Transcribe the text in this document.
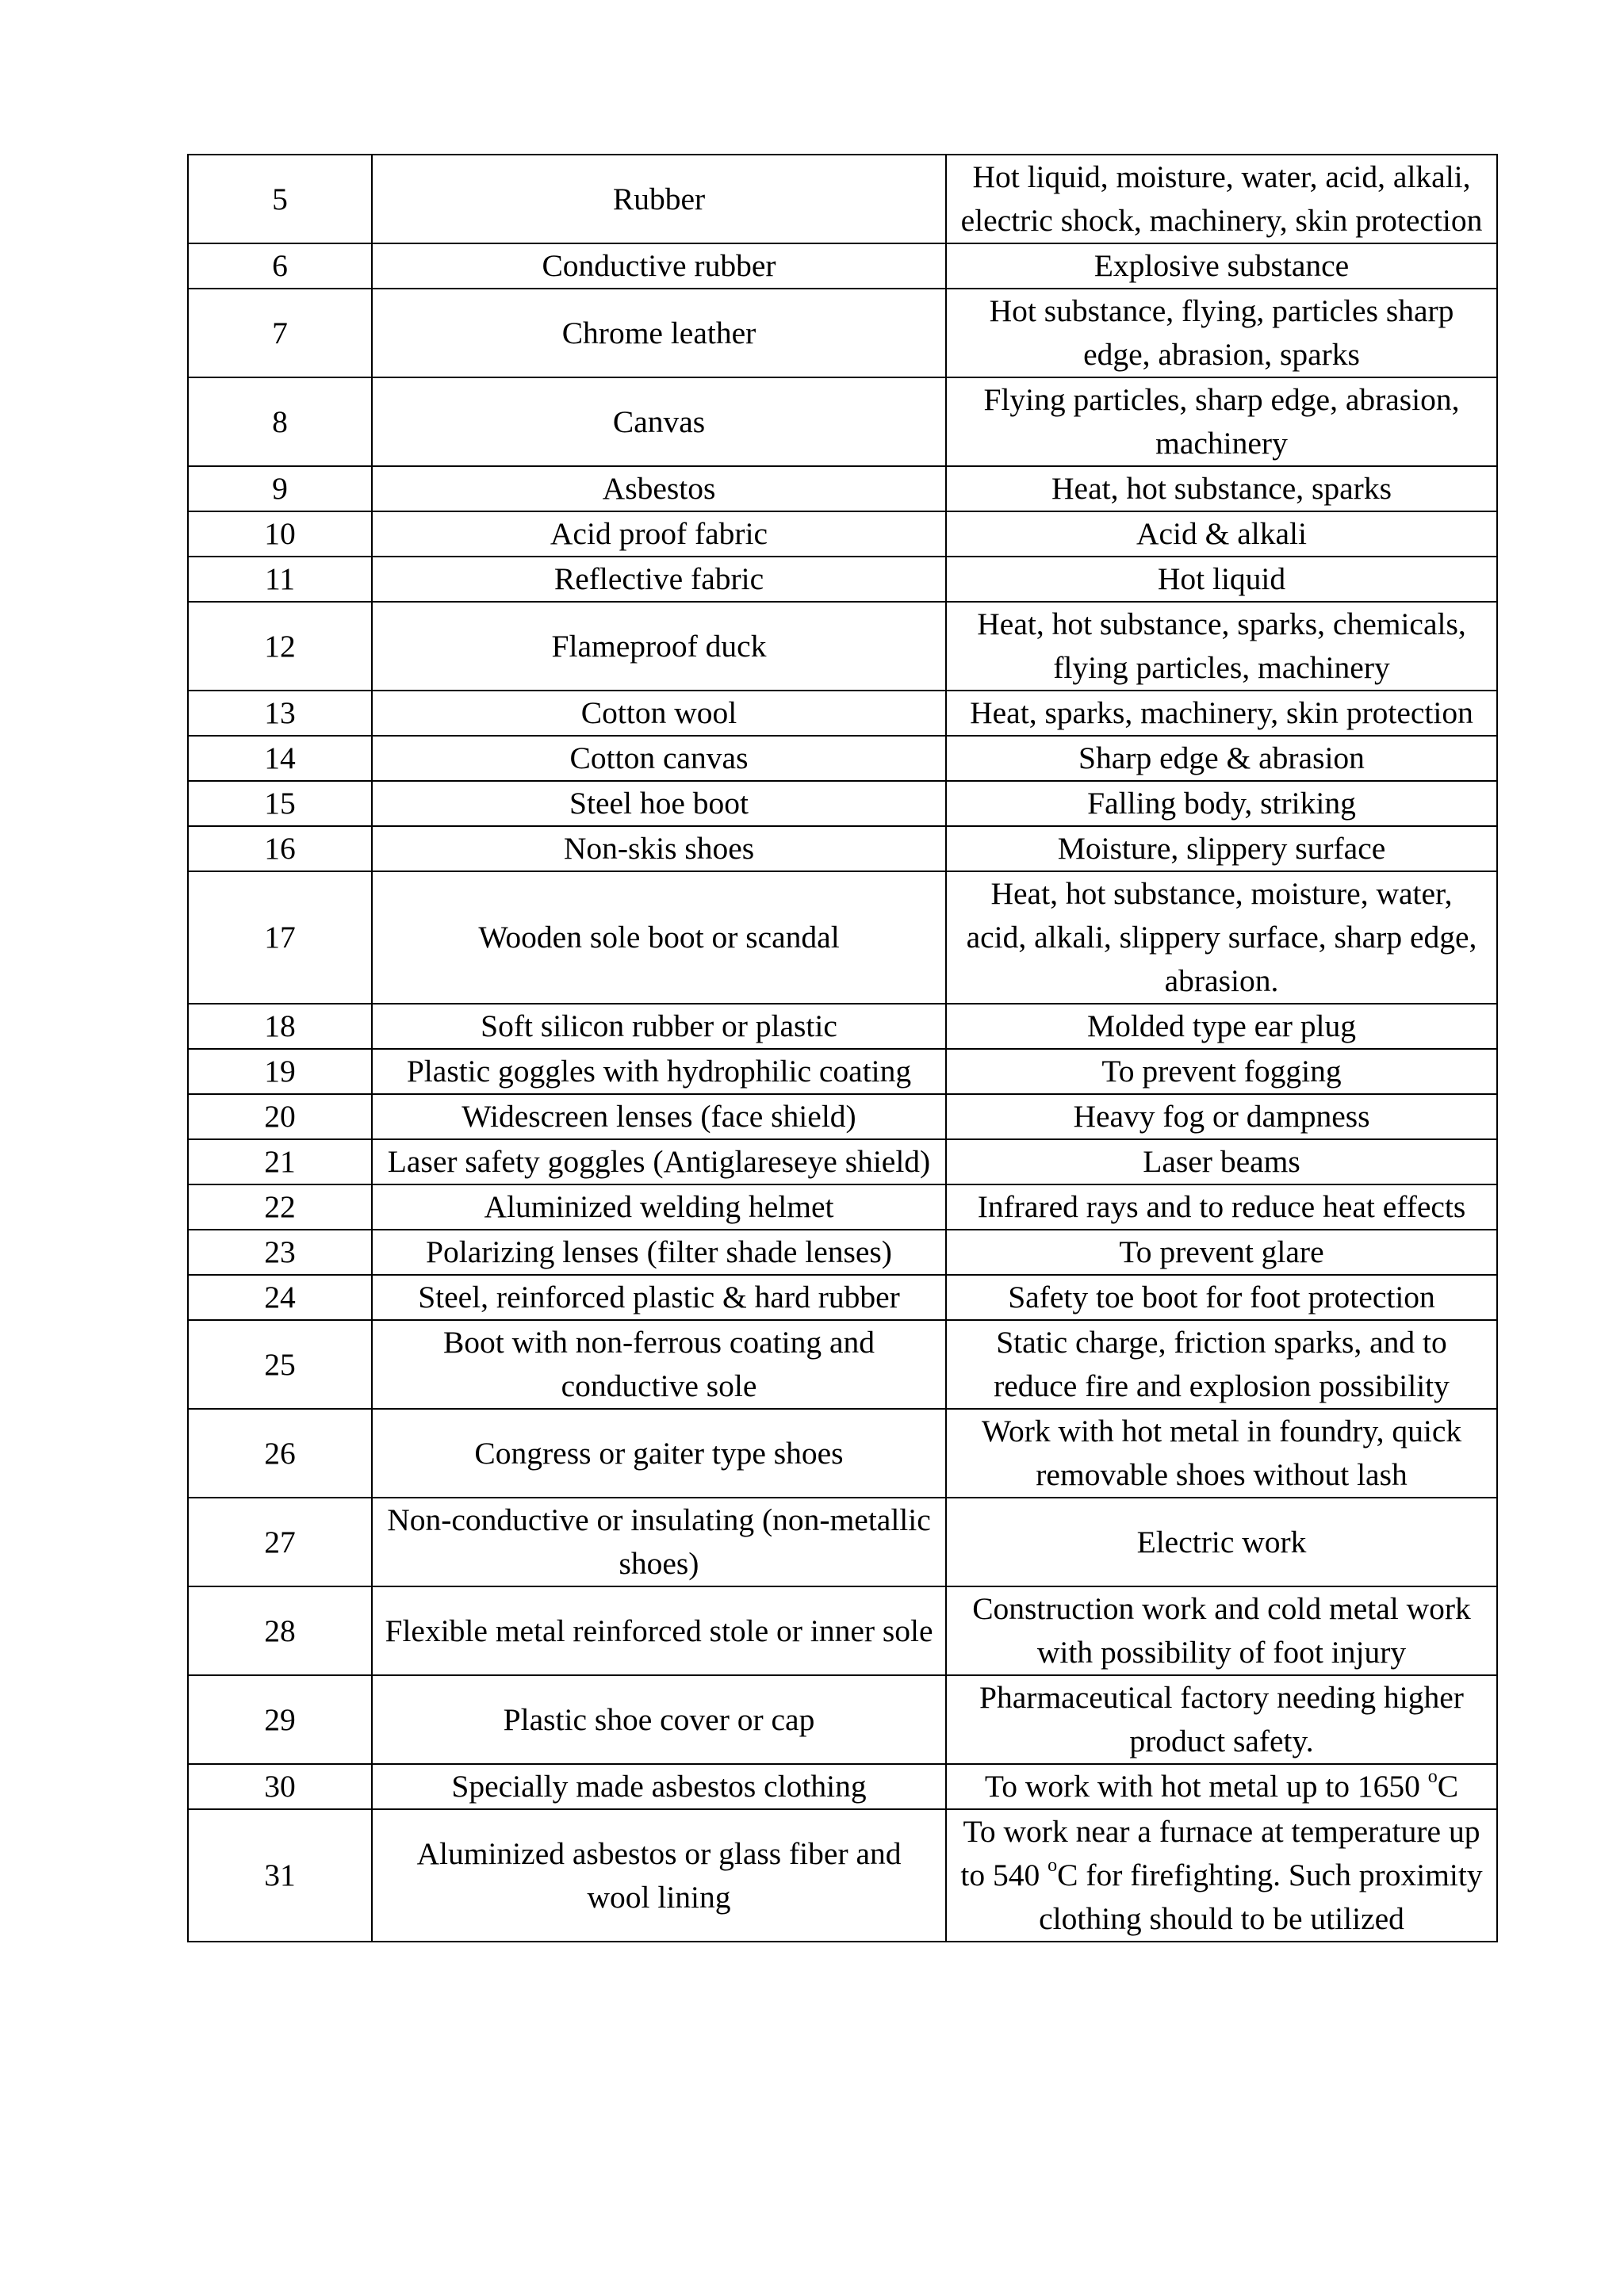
5	Rubber	Hot liquid, moisture, water, acid, alkali, electric shock, machinery, skin protection
6	Conductive rubber	Explosive substance
7	Chrome leather	Hot substance, flying, particles sharp edge, abrasion, sparks
8	Canvas	Flying particles, sharp edge, abrasion, machinery
9	Asbestos	Heat, hot substance, sparks
10	Acid proof fabric	Acid & alkali
11	Reflective fabric	Hot liquid
12	Flameproof duck	Heat, hot substance, sparks, chemicals, flying particles, machinery
13	Cotton wool	Heat, sparks, machinery, skin protection
14	Cotton canvas	Sharp edge & abrasion
15	Steel hoe boot	Falling body, striking
16	Non-skis shoes	Moisture, slippery surface
17	Wooden sole boot or scandal	Heat, hot substance, moisture, water, acid, alkali, slippery surface, sharp edge, abrasion.
18	Soft silicon rubber or plastic	Molded type ear plug
19	Plastic goggles with hydrophilic coating	To prevent fogging
20	Widescreen lenses (face shield)	Heavy fog or dampness
21	Laser safety goggles (Antiglareseye shield)	Laser beams
22	Aluminized welding helmet	Infrared rays and to reduce heat effects
23	Polarizing lenses (filter shade lenses)	To prevent glare
24	Steel, reinforced plastic & hard rubber	Safety toe boot for foot protection
25	Boot with non-ferrous coating and conductive sole	Static charge, friction sparks, and to reduce fire and explosion possibility
26	Congress or gaiter type shoes	Work with hot metal in foundry, quick removable shoes without lash
27	Non-conductive or insulating (non-metallic shoes)	Electric work
28	Flexible metal reinforced stole or inner sole	Construction work and cold metal work with possibility of foot injury
29	Plastic shoe cover or cap	Pharmaceutical factory needing higher product safety.
30	Specially made asbestos clothing	To work with hot metal up to 1650 $^o$C
31	Aluminized asbestos or glass fiber and wool lining	To work near a furnace at temperature up to 540 $^o$C for firefighting. Such proximity clothing should to be utilized
